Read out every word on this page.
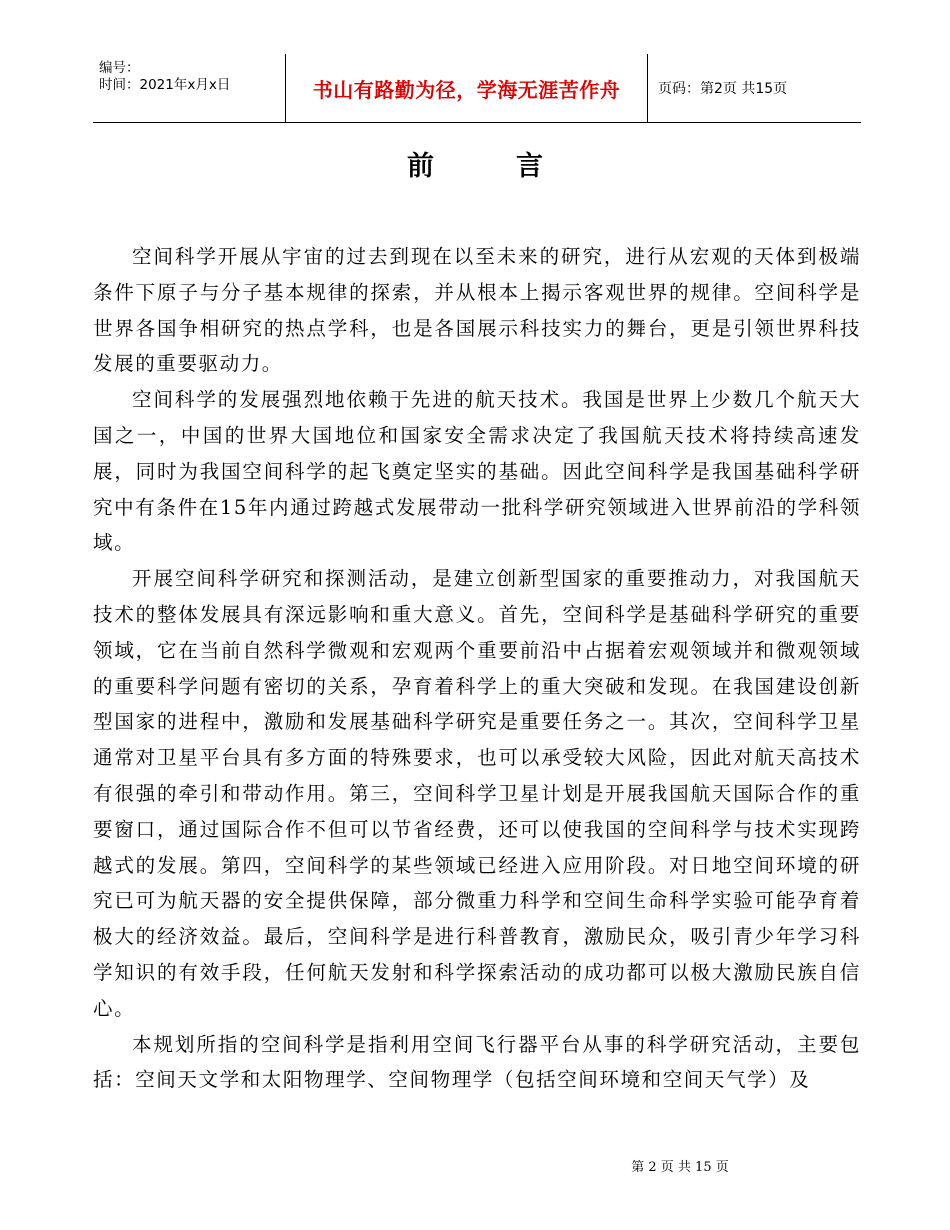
编号：
时间：2021年x月x日	书山有路勤为径，学海无涯苦作舟	页码：第2页 共15页
前言

空间科学开展从宇宙的过去到现在以至未来的研究，进行从宏观的天体到极端条件下原子与分子基本规律的探索，并从根本上揭示客观世界的规律。空间科学是世界各国争相研究的热点学科，也是各国展示科技实力的舞台，更是引领世界科技发展的重要驱动力。

空间科学的发展强烈地依赖于先进的航天技术。我国是世界上少数几个航天大国之一，中国的世界大国地位和国家安全需求决定了我国航天技术将持续高速发展，同时为我国空间科学的起飞奠定坚实的基础。因此空间科学是我国基础科学研究中有条件在15年内通过跨越式发展带动一批科学研究领域进入世界前沿的学科领域。

开展空间科学研究和探测活动，是建立创新型国家的重要推动力，对我国航天技术的整体发展具有深远影响和重大意义。首先，空间科学是基础科学研究的重要领域，它在当前自然科学微观和宏观两个重要前沿中占据着宏观领域并和微观领域的重要科学问题有密切的关系，孕育着科学上的重大突破和发现。在我国建设创新型国家的进程中，激励和发展基础科学研究是重要任务之一。其次，空间科学卫星通常对卫星平台具有多方面的特殊要求，也可以承受较大风险，因此对航天高技术有很强的牵引和带动作用。第三，空间科学卫星计划是开展我国航天国际合作的重要窗口，通过国际合作不但可以节省经费，还可以使我国的空间科学与技术实现跨越式的发展。第四，空间科学的某些领域已经进入应用阶段。对日地空间环境的研究已可为航天器的安全提供保障，部分微重力科学和空间生命科学实验可能孕育着极大的经济效益。最后，空间科学是进行科普教育，激励民众，吸引青少年学习科学知识的有效手段，任何航天发射和科学探索活动的成功都可以极大激励民族自信心。

本规划所指的空间科学是指利用空间飞行器平台从事的科学研究活动，主要包括：空间天文学和太阳物理学、空间物理学（包括空间环境和空间天气学）及

第 2 页 共 15 页
